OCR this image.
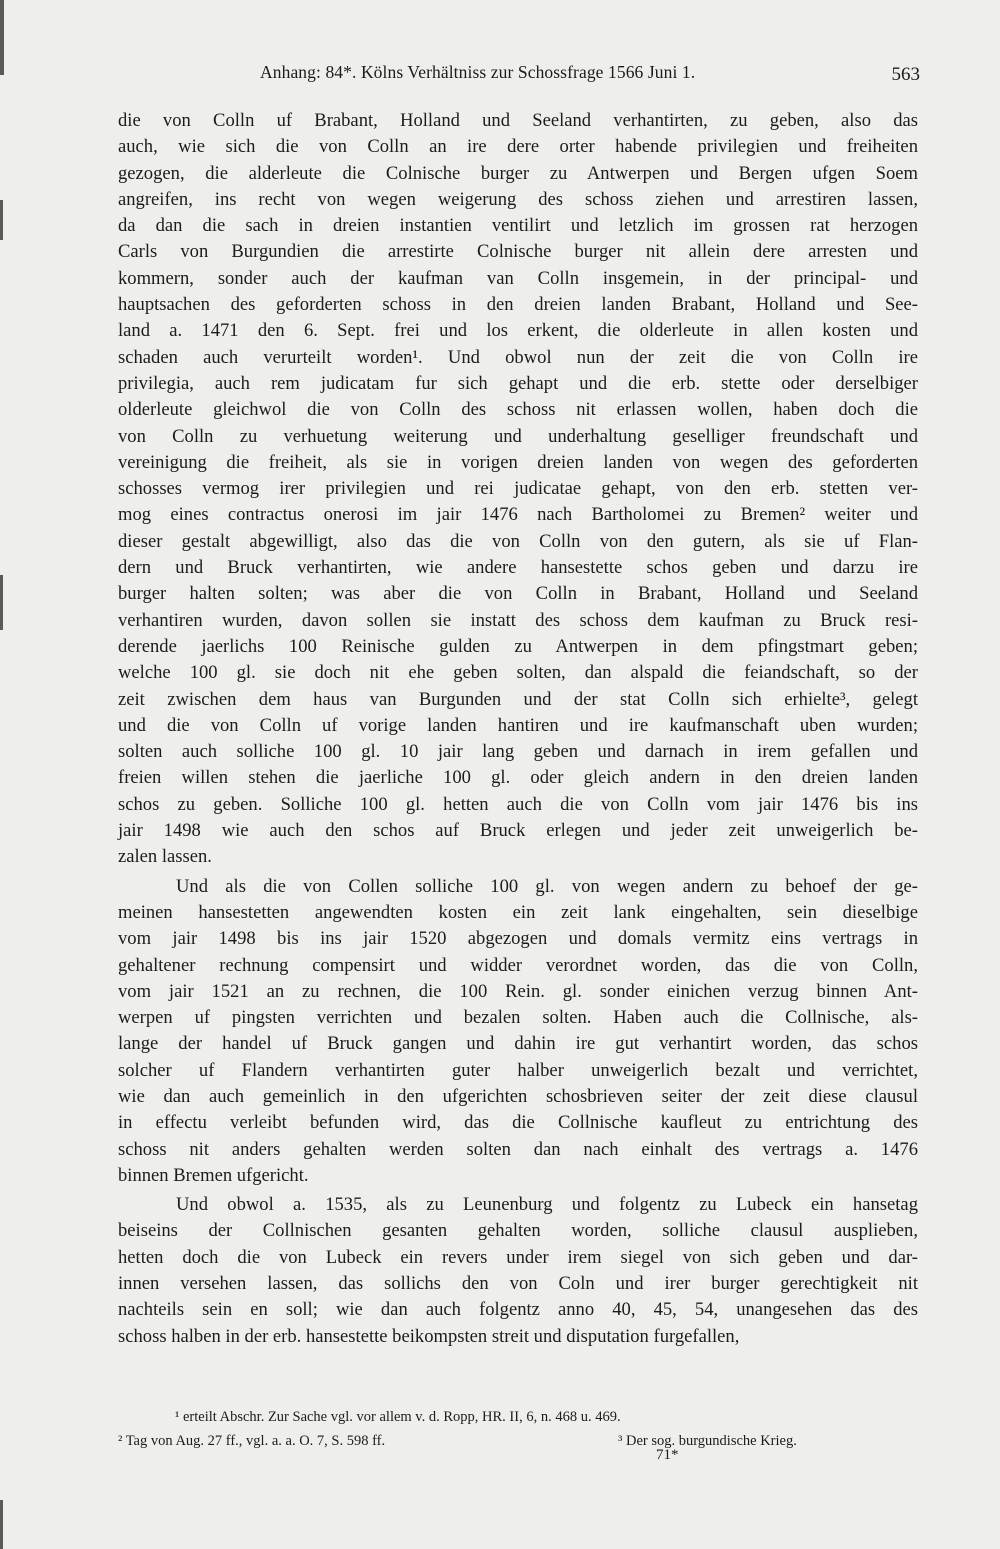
Anhang: 84*. Kölns Verhältniss zur Schossfrage 1566 Juni 1.	563
die von Colln uf Brabant, Holland und Seeland verhantirten, zu geben, also das
auch, wie sich die von Colln an ire dere orter habende privilegien und freiheiten
gezogen, die alderleute die Colnische burger zu Antwerpen und Bergen ufgen Soem
angreifen, ins recht von wegen weigerung des schoss ziehen und arrestiren lassen,
da dan die sach in dreien instantien ventilirt und letzlich im grossen rat herzogen
Carls von Burgundien die arrestirte Colnische burger nit allein dere arresten und
kommern, sonder auch der kaufman van Colln insgemein, in der principal- und
hauptsachen des geforderten schoss in den dreien landen Brabant, Holland und See-
land a. 1471 den 6. Sept. frei und los erkent, die olderleute in allen kosten und
schaden auch verurteilt worden¹. Und obwol nun der zeit die von Colln ire
privilegia, auch rem judicatam fur sich gehapt und die erb. stette oder derselbiger
olderleute gleichwol die von Colln des schoss nit erlassen wollen, haben doch die
von Colln zu verhuetung weiterung und underhaltung geselliger freundschaft und
vereinigung die freiheit, als sie in vorigen dreien landen von wegen des geforderten
schosses vermog irer privilegien und rei judicatae gehapt, von den erb. stetten ver-
mog eines contractus onerosi im jair 1476 nach Bartholomei zu Bremen² weiter und
dieser gestalt abgewilligt, also das die von Colln von den gutern, als sie uf Flan-
dern und Bruck verhantirten, wie andere hansestette schos geben und darzu ire
burger halten solten; was aber die von Colln in Brabant, Holland und Seeland
verhantiren wurden, davon sollen sie instatt des schoss dem kaufman zu Bruck resi-
derende jaerlichs 100 Reinische gulden zu Antwerpen in dem pfingstmart geben;
welche 100 gl. sie doch nit ehe geben solten, dan alspald die feiandschaft, so der
zeit zwischen dem haus van Burgunden und der stat Colln sich erhielte³, gelegt
und die von Colln uf vorige landen hantiren und ire kaufmanschaft uben wurden;
solten auch solliche 100 gl. 10 jair lang geben und darnach in irem gefallen und
freien willen stehen die jaerliche 100 gl. oder gleich andern in den dreien landen
schos zu geben. Solliche 100 gl. hetten auch die von Colln vom jair 1476 bis ins
jair 1498 wie auch den schos auf Bruck erlegen und jeder zeit unweigerlich be-
zalen lassen.
Und als die von Collen solliche 100 gl. von wegen andern zu behoef der ge-
meinen hansestetten angewendten kosten ein zeit lank eingehalten, sein dieselbige
vom jair 1498 bis ins jair 1520 abgezogen und domals vermitz eins vertrags in
gehaltener rechnung compensirt und widder verordnet worden, das die von Colln,
vom jair 1521 an zu rechnen, die 100 Rein. gl. sonder einichen verzug binnen Ant-
werpen uf pingsten verrichten und bezalen solten. Haben auch die Collnische, als-
lange der handel uf Bruck gangen und dahin ire gut verhantirt worden, das schos
solcher uf Flandern verhantirten guter halber unweigerlich bezalt und verrichtet,
wie dan auch gemeinlich in den ufgerichten schosbrieven seiter der zeit diese clausul
in effectu verleibt befunden wird, das die Collnische kaufleut zu entrichtung des
schoss nit anders gehalten werden solten dan nach einhalt des vertrags a. 1476
binnen Bremen ufgericht.
Und obwol a. 1535, als zu Leunenburg und folgentz zu Lubeck ein hansetag
beiseins der Collnischen gesanten gehalten worden, solliche clausul ausplieben,
hetten doch die von Lubeck ein revers under irem siegel von sich geben und dar-
innen versehen lassen, das sollichs den von Coln und irer burger gerechtigkeit nit
nachteils sein en soll; wie dan auch folgentz anno 40, 45, 54, unangesehen das des
schoss halben in der erb. hansestette beikompsten streit und disputation furgefallen,
¹ erteilt Abschr. Zur Sache vgl. vor allem v. d. Ropp, HR. II, 6, n. 468 u. 469.
² Tag von Aug. 27 ff., vgl. a. a. O. 7, S. 598 ff.	³ Der sog. burgundische Krieg.
71*
